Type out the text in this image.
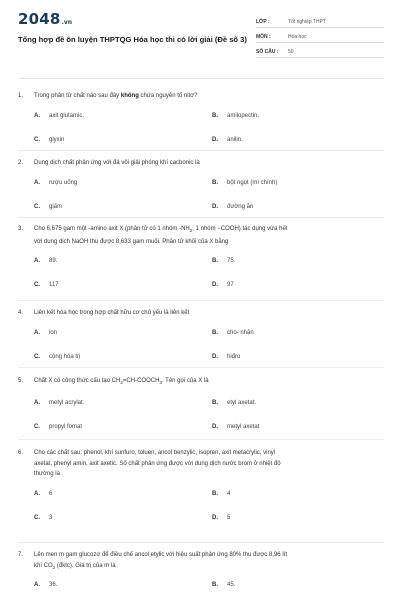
2048 .vn
Tổng hợp đề ôn luyện THPTQG Hóa học thi có lời giải (Đề số 3)
LỚP :	Tốt nghiệp THPT
MÔN :	Hóa học
SỐ CÂU :	50
1.	Trong phân tử chất nào sau đây không chứa nguyên tố nitơ?
A.	axit glutamic.	B.	amilopectin.
C.	glyxin	D.	anilin.
2.	Dung dịch chất phản ứng với đá vôi giải phóng khí cacbonic là
A.	rượu uống	B.	bột ngọt (mì chính)
C.	giấm	D.	đường ăn
3.	Cho 6,675 gam một -amino axit X (phân tử có 1 nhóm $-NH_2$; 1 nhóm −COOH) tác dụng vừa hết
với dung dịch NaOH thu được 8,633 gam muối. Phân tử khối của X bằng
A.	89.	B.	75.
C.	117	D.	97
4.	Liên kết hóa học trong hợp chất hữu cơ chủ yếu là liên kết
A.	ion	B.	cho- nhận
C.	cộng hóa trị	D.	hiđro
5.	Chất X có công thức cấu tạo $CH_2=CH-COOCH_3$. Tên gọi của X là
A.	metyl acrylat.	B.	etyl axetat.
C.	propyl fomat	D.	metyl axetat
6.	Cho các chất sau: phenol, khí sunfuro, toluen, ancol benzylic, isopren, axit metacrylic, vinyl
axetat, phenyl amin, axit axetic. Số chất phản ứng được với dung dịch nước brom ở nhiệt độ
thường là
A.	6	B.	4
C.	3	D.	5
7.	Lên men m gam glucozơ để điều chế ancol etylic với hiệu suất phản ứng 80% thu được 8,96 lít
khí $CO_2$ (đktc). Giá trị của m là
A.	36.	B.	45.
